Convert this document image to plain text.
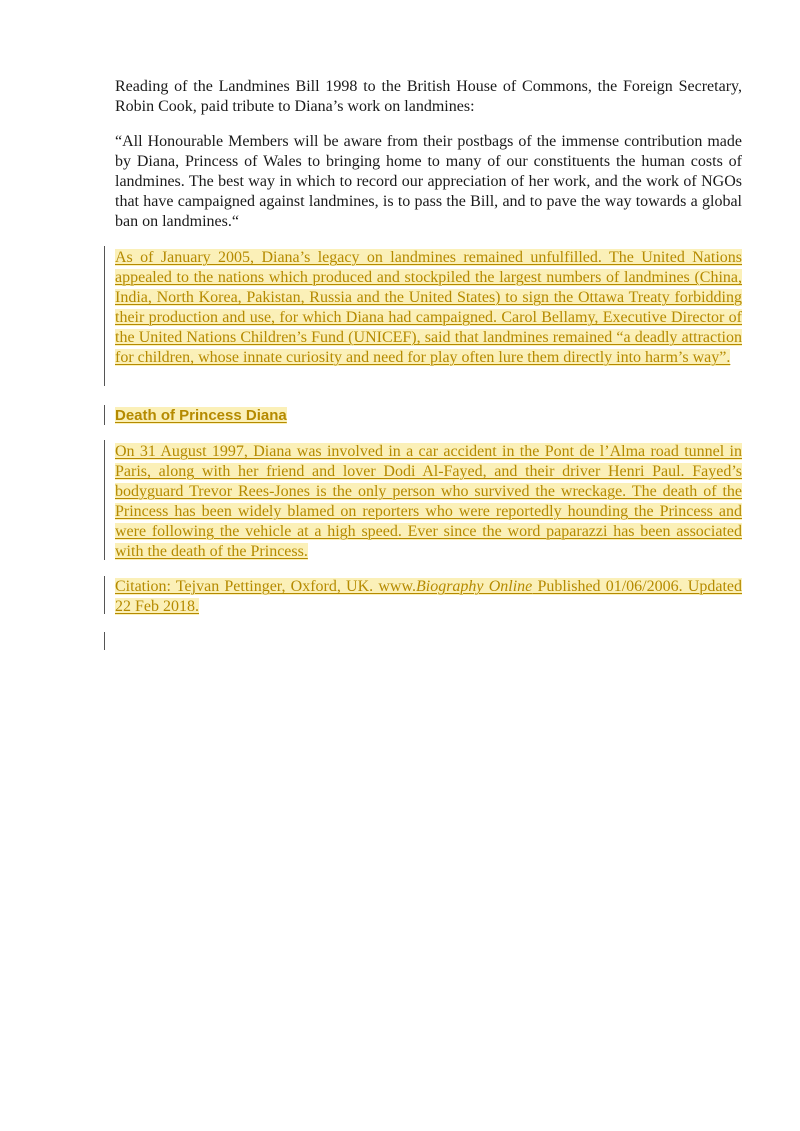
Reading of the Landmines Bill 1998 to the British House of Commons, the Foreign Secretary, Robin Cook, paid tribute to Diana’s work on landmines:

“All Honourable Members will be aware from their postbags of the immense contribution made by Diana, Princess of Wales to bringing home to many of our constituents the human costs of landmines. The best way in which to record our appreciation of her work, and the work of NGOs that have campaigned against landmines, is to pass the Bill, and to pave the way towards a global ban on landmines.“

As of January 2005, Diana’s legacy on landmines remained unfulfilled. The United Nations appealed to the nations which produced and stockpiled the largest numbers of landmines (China, India, North Korea, Pakistan, Russia and the United States) to sign the Ottawa Treaty forbidding their production and use, for which Diana had campaigned. Carol Bellamy, Executive Director of the United Nations Children’s Fund (UNICEF), said that landmines remained “a deadly attraction for children, whose innate curiosity and need for play often lure them directly into harm’s way”.

Death of Princess Diana

On 31 August 1997, Diana was involved in a car accident in the Pont de l’Alma road tunnel in Paris, along with her friend and lover Dodi Al-Fayed, and their driver Henri Paul. Fayed’s bodyguard Trevor Rees-Jones is the only person who survived the wreckage. The death of the Princess has been widely blamed on reporters who were reportedly hounding the Princess and were following the vehicle at a high speed. Ever since the word paparazzi has been associated with the death of the Princess.

Citation: Tejvan Pettinger, Oxford, UK. www.Biography Online Published 01/06/2006. Updated 22 Feb 2018.
